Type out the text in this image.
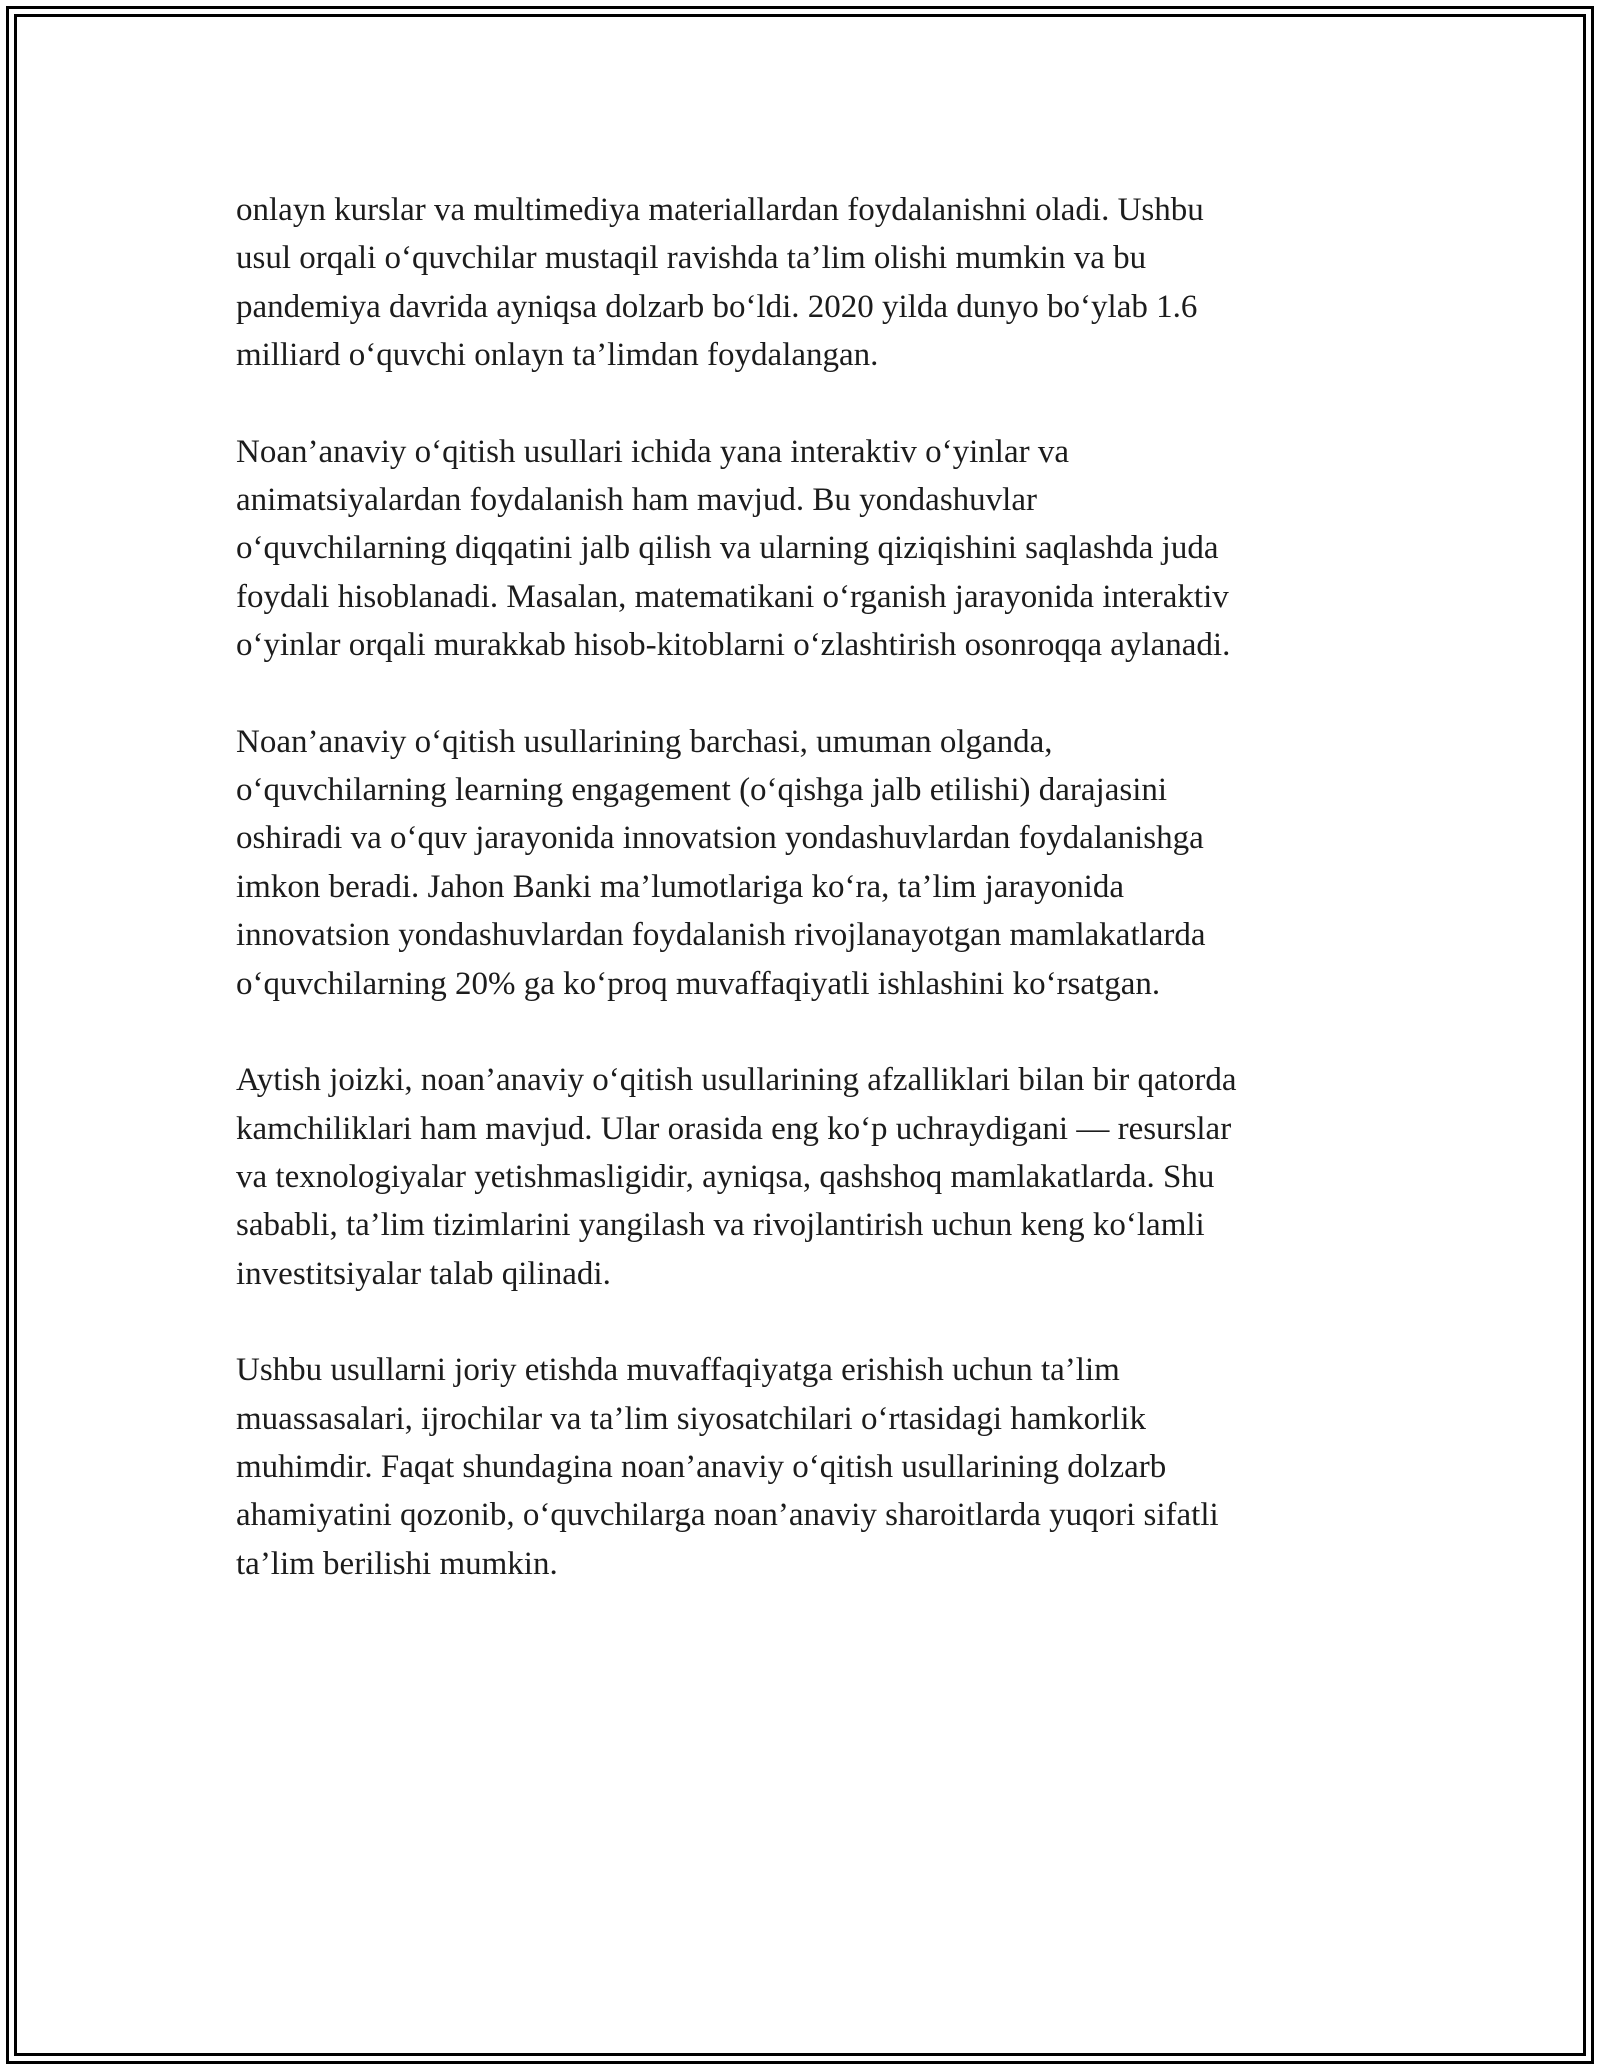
onlayn kurslar va multimediya materiallardan foydalanishni oladi. Ushbu
usul orqali o‘quvchilar mustaqil ravishda ta’lim olishi mumkin va bu
pandemiya davrida ayniqsa dolzarb bo‘ldi. 2020 yilda dunyo bo‘ylab 1.6
milliard o‘quvchi onlayn ta’limdan foydalangan.

Noan’anaviy o‘qitish usullari ichida yana interaktiv o‘yinlar va
animatsiyalardan foydalanish ham mavjud. Bu yondashuvlar
o‘quvchilarning diqqatini jalb qilish va ularning qiziqishini saqlashda juda
foydali hisoblanadi. Masalan, matematikani o‘rganish jarayonida interaktiv
o‘yinlar orqali murakkab hisob-kitoblarni o‘zlashtirish osonroqqa aylanadi.

Noan’anaviy o‘qitish usullarining barchasi, umuman olganda,
o‘quvchilarning learning engagement (o‘qishga jalb etilishi) darajasini
oshiradi va o‘quv jarayonida innovatsion yondashuvlardan foydalanishga
imkon beradi. Jahon Banki ma’lumotlariga ko‘ra, ta’lim jarayonida
innovatsion yondashuvlardan foydalanish rivojlanayotgan mamlakatlarda
o‘quvchilarning 20% ga ko‘proq muvaffaqiyatli ishlashini ko‘rsatgan.

Aytish joizki, noan’anaviy o‘qitish usullarining afzalliklari bilan bir qatorda
kamchiliklari ham mavjud. Ular orasida eng ko‘p uchraydigani — resurslar
va texnologiyalar yetishmasligidir, ayniqsa, qashshoq mamlakatlarda. Shu
sababli, ta’lim tizimlarini yangilash va rivojlantirish uchun keng ko‘lamli
investitsiyalar talab qilinadi.

Ushbu usullarni joriy etishda muvaffaqiyatga erishish uchun ta’lim
muassasalari, ijrochilar va ta’lim siyosatchilari o‘rtasidagi hamkorlik
muhimdir. Faqat shundagina noan’anaviy o‘qitish usullarining dolzarb
ahamiyatini qozonib, o‘quvchilarga noan’anaviy sharoitlarda yuqori sifatli
ta’lim berilishi mumkin.
